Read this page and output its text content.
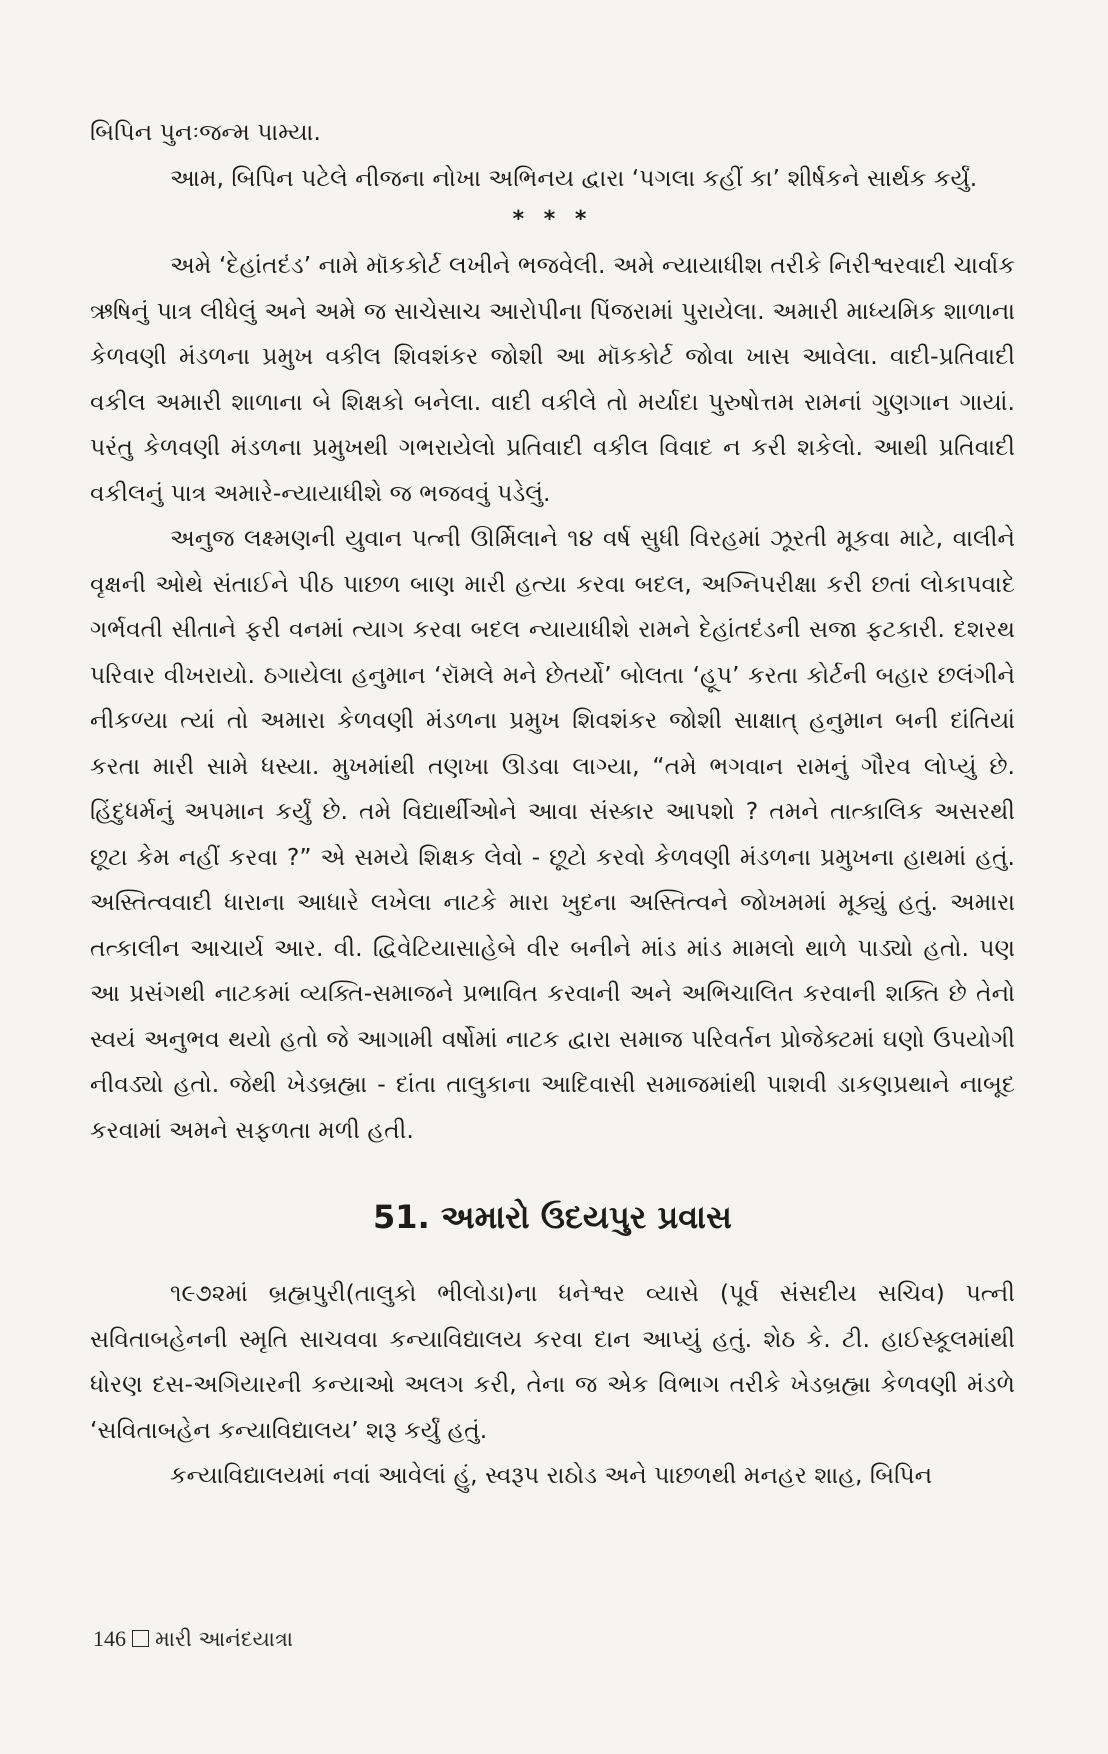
બિપિન પુનઃજન્મ પામ્યા.

આમ, બિપિન પટેલે નીજના નોખા અભિનય દ્વારા ‘પગલા કહીં કા’ શીર્ષકને સાર્થક કર્યું.

* * *

અમે ‘દેહાંતદંડ’ નામે મૉકકોર્ટ લખીને ભજવેલી. અમે ન્યાયાધીશ તરીકે નિરીશ્વરવાદી ચાર્વાક ઋષિનું પાત્ર લીધેલું અને અમે જ સાચેસાચ આરોપીના પિંજરામાં પુરાયેલા. અમારી માધ્યમિક શાળાના કેળવણી મંડળના પ્રમુખ વકીલ શિવશંકર જોશી આ મૉકકોર્ટ જોવા ખાસ આવેલા. વાદી-પ્રતિવાદી વકીલ અમારી શાળાના બે શિક્ષકો બનેલા. વાદી વકીલે તો મર્યાદા પુરુષોત્તમ રામનાં ગુણગાન ગાયાં. પરંતુ કેળવણી મંડળના પ્રમુખથી ગભરાયેલો પ્રતિવાદી વકીલ વિવાદ ન કરી શકેલો. આથી પ્રતિવાદી વકીલનું પાત્ર અમારે-ન્યાયાધીશે જ ભજવવું પડેલું.

અનુજ લક્ષ્મણની યુવાન પત્ની ઊર્મિલાને ૧૪ વર્ષ સુધી વિરહમાં ઝૂરતી મૂકવા માટે, વાલીને વૃક્ષની ઓથે સંતાઈને પીઠ પાછળ બાણ મારી હત્યા કરવા બદલ, અગ્નિપરીક્ષા કરી છતાં લોકાપવાદે ગર્ભવતી સીતાને ફરી વનમાં ત્યાગ કરવા બદલ ન્યાયાધીશે રામને દેહાંતદંડની સજા ફટકારી. દશરથ પરિવાર વીખરાયો. ઠગાયેલા હનુમાન ‘રૉમલે મને છેતર્યો’ બોલતા ‘હૂપ’ કરતા કોર્ટની બહાર છલંગીને નીકળ્યા ત્યાં તો અમારા કેળવણી મંડળના પ્રમુખ શિવશંકર જોશી સાક્ષાત્ હનુમાન બની દાંતિયાં કરતા મારી સામે ધસ્યા. મુખમાંથી તણખા ઊડવા લાગ્યા, “તમે ભગવાન રામનું ગૌરવ લોપ્યું છે. હિંદુધર્મનું અપમાન કર્યું છે. તમે વિદ્યાર્થીઓને આવા સંસ્કાર આપશો ? તમને તાત્કાલિક અસરથી છૂટા કેમ નહીં કરવા ?” એ સમયે શિક્ષક લેવો - છૂટો કરવો કેળવણી મંડળના પ્રમુખના હાથમાં હતું. અસ્તિત્વવાદી ધારાના આધારે લખેલા નાટકે મારા ખુદના અસ્તિત્વને જોખમમાં મૂક્યું હતું. અમારા તત્કાલીન આચાર્ય આર. વી. દ્વિવેટિયાસાહેબે વીર બનીને માંડ માંડ મામલો થાળે પાડ્યો હતો. પણ આ પ્રસંગથી નાટકમાં વ્યક્તિ-સમાજને પ્રભાવિત કરવાની અને અભિચાલિત કરવાની શક્તિ છે તેનો સ્વયં અનુભવ થયો હતો જે આગામી વર્ષોમાં નાટક દ્વારા સમાજ પરિવર્તન પ્રોજેક્ટમાં ઘણો ઉપયોગી નીવડ્યો હતો. જેથી ખેડબ્રહ્મા - દાંતા તાલુકાના આદિવાસી સમાજમાંથી પાશવી ડાકણપ્રથાને નાબૂદ કરવામાં અમને સફળતા મળી હતી.

51. અમારો ઉદયપુર પ્રવાસ

૧૯૭૨માં બ્રહ્મપુરી(તાલુકો ભીલોડા)ના ધનેશ્વર વ્યાસે (પૂર્વ સંસદીય સચિવ) પત્ની સવિતાબહેનની સ્મૃતિ સાચવવા કન્યાવિદ્યાલય કરવા દાન આપ્યું હતું. શેઠ કે. ટી. હાઈસ્કૂલમાંથી ધોરણ દસ-અગિયારની કન્યાઓ અલગ કરી, તેના જ એક વિભાગ તરીકે ખેડબ્રહ્મા કેળવણી મંડળે ‘સવિતાબહેન કન્યાવિદ્યાલય’ શરૂ કર્યું હતું.

કન્યાવિદ્યાલયમાં નવાં આવેલાં હું, સ્વરૂપ રાઠોડ અને પાછળથી મનહર શાહ, બિપિન

146 મારી આનંદયાત્રા
